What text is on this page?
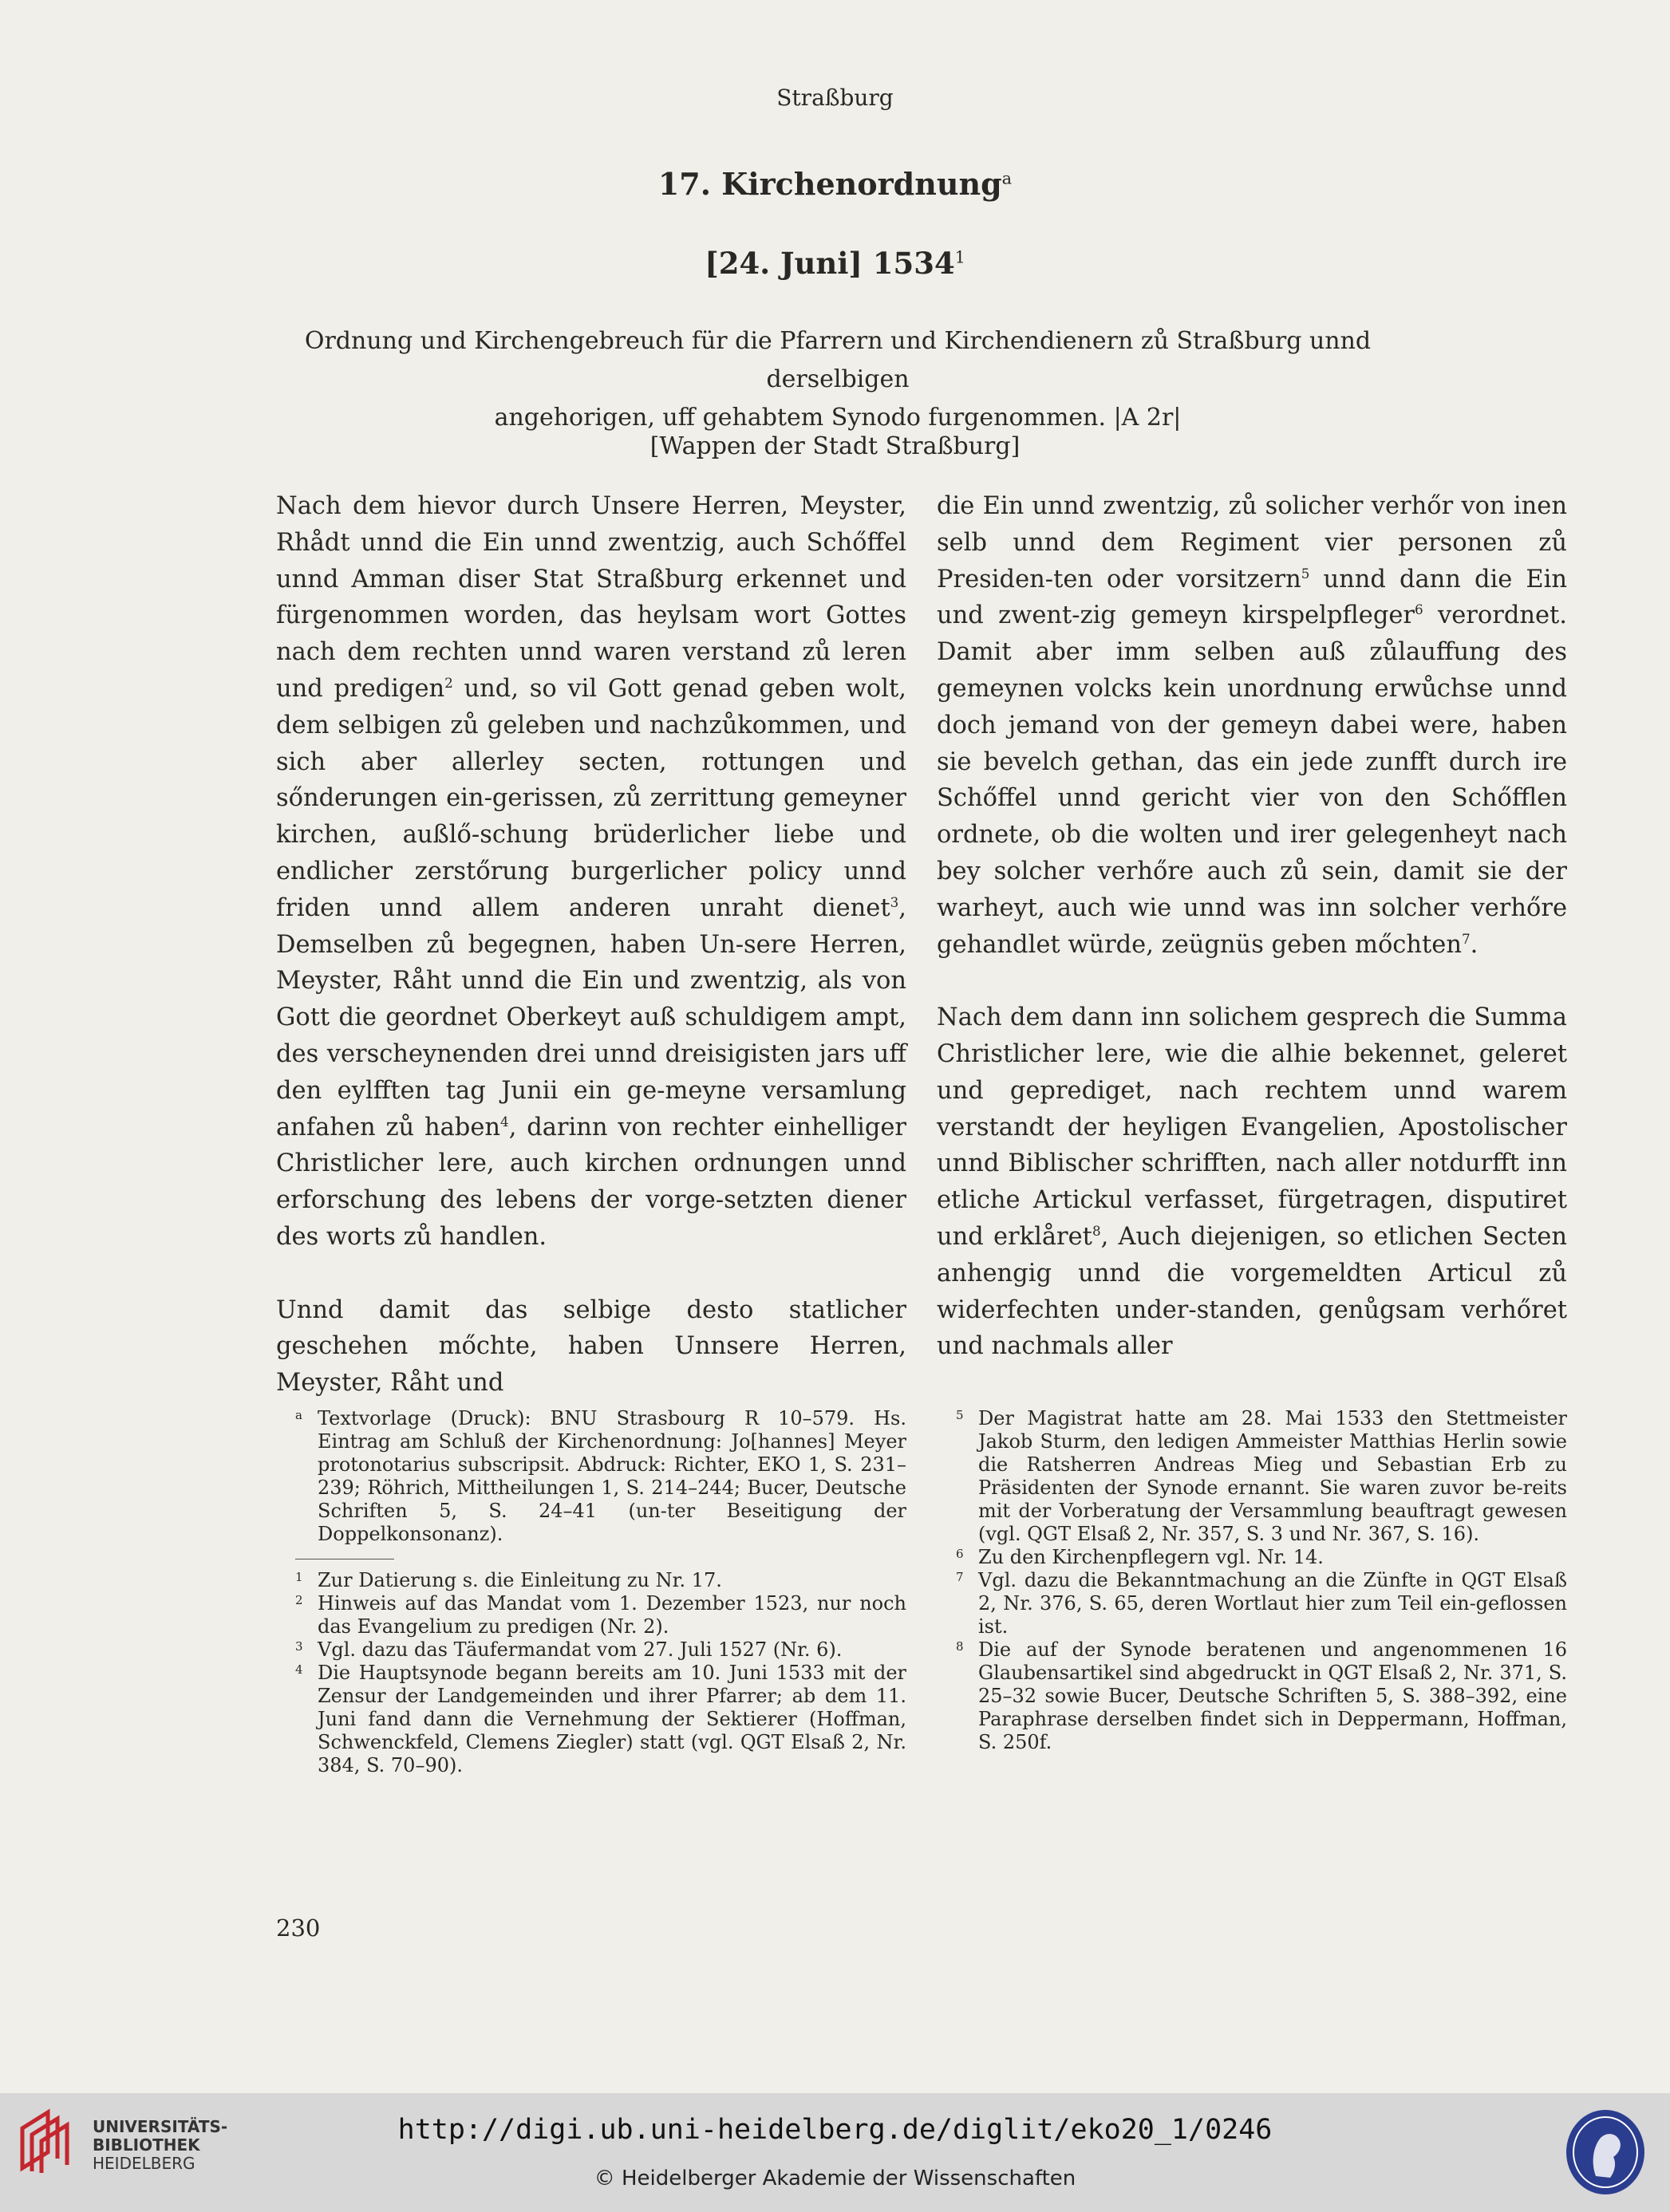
Straßburg
17. Kirchenordnung$^a$
[24. Juni] 1534$^1$
Ordnung und Kirchengebreuch für die Pfarrern und Kirchendienern zů Straßburg unnd derselbigen
angehorigen, uff gehabtem Synodo furgenommen. |A 2r|
[Wappen der Stadt Straßburg]

Nach dem hievor durch Unsere Herren, Meyster, Rhådt unnd die Ein unnd zwentzig, auch Schőffel unnd Amman diser Stat Straßburg erkennet und fürgenommen worden, das heylsam wort Gottes nach dem rechten unnd waren verstand zů leren und predigen$^2$ und, so vil Gott genad geben wolt, dem selbigen zů geleben und nachzůkommen, und sich aber allerley secten, rottungen und sőnderungen ein-gerissen, zů zerrittung gemeyner kirchen, außlő-schung brüderlicher liebe und endlicher zerstőrung burgerlicher policy unnd friden unnd allem anderen unraht dienet$^3$, Demselben zů begegnen, haben Un-sere Herren, Meyster, Råht unnd die Ein und zwentzig, als von Gott die geordnet Oberkeyt auß schuldigem ampt, des verscheynenden drei unnd dreisigisten jars uff den eylfften tag Junii ein ge-meyne versamlung anfahen zů haben$^4$, darinn von rechter einhelliger Christlicher lere, auch kirchen ordnungen unnd erforschung des lebens der vorge-setzten diener des worts zů handlen.

Unnd damit das selbige desto statlicher geschehen mőchte, haben Unnsere Herren, Meyster, Råht und

die Ein unnd zwentzig, zů solicher verhőr von inen selb unnd dem Regiment vier personen zů Presiden-ten oder vorsitzern$^5$ unnd dann die Ein und zwent-zig gemeyn kirspelpfleger$^6$ verordnet. Damit aber imm selben auß zůlauffung des gemeynen volcks kein unordnung erwůchse unnd doch jemand von der gemeyn dabei were, haben sie bevelch gethan, das ein jede zunfft durch ire Schőffel unnd gericht vier von den Schőfflen ordnete, ob die wolten und irer gelegenheyt nach bey solcher verhőre auch zů sein, damit sie der warheyt, auch wie unnd was inn solcher verhőre gehandlet würde, zeügnüs geben mőchten$^7$.

Nach dem dann inn solichem gesprech die Summa Christlicher lere, wie die alhie bekennet, geleret und geprediget, nach rechtem unnd warem verstandt der heyligen Evangelien, Apostolischer unnd Biblischer schrifften, nach aller notdurfft inn etliche Artickul verfasset, fürgetragen, disputiret und erklåret$^8$, Auch diejenigen, so etlichen Secten anhengig unnd die vorgemeldten Articul zů widerfechten under-standen, genůgsam verhőret und nachmals aller

a Textvorlage (Druck): BNU Strasbourg R 10–579. Hs. Eintrag am Schluß der Kirchenordnung: Jo[hannes] Meyer protonotarius subscripsit. Abdruck: Richter, EKO 1, S. 231–239; Röhrich, Mittheilungen 1, S. 214–244; Bucer, Deutsche Schriften 5, S. 24–41 (un-ter Beseitigung der Doppelkonsonanz).
1 Zur Datierung s. die Einleitung zu Nr. 17.
2 Hinweis auf das Mandat vom 1. Dezember 1523, nur noch das Evangelium zu predigen (Nr. 2).
3 Vgl. dazu das Täufermandat vom 27. Juli 1527 (Nr. 6).
4 Die Hauptsynode begann bereits am 10. Juni 1533 mit der Zensur der Landgemeinden und ihrer Pfarrer; ab dem 11. Juni fand dann die Vernehmung der Sektierer (Hoffman, Schwenckfeld, Clemens Ziegler) statt (vgl. QGT Elsaß 2, Nr. 384, S. 70–90).
5 Der Magistrat hatte am 28. Mai 1533 den Stettmeister Jakob Sturm, den ledigen Ammeister Matthias Herlin sowie die Ratsherren Andreas Mieg und Sebastian Erb zu Präsidenten der Synode ernannt. Sie waren zuvor be-reits mit der Vorberatung der Versammlung beauftragt gewesen (vgl. QGT Elsaß 2, Nr. 357, S. 3 und Nr. 367, S. 16).
6 Zu den Kirchenpflegern vgl. Nr. 14.
7 Vgl. dazu die Bekanntmachung an die Zünfte in QGT Elsaß 2, Nr. 376, S. 65, deren Wortlaut hier zum Teil ein-geflossen ist.
8 Die auf der Synode beratenen und angenommenen 16 Glaubensartikel sind abgedruckt in QGT Elsaß 2, Nr. 371, S. 25–32 sowie Bucer, Deutsche Schriften 5, S. 388–392, eine Paraphrase derselben findet sich in Deppermann, Hoffman, S. 250f.
230
UNIVERSITÄTS-
BIBLIOTHEK
HEIDELBERG
http://digi.ub.uni-heidelberg.de/diglit/eko20_1/0246
© Heidelberger Akademie der Wissenschaften
